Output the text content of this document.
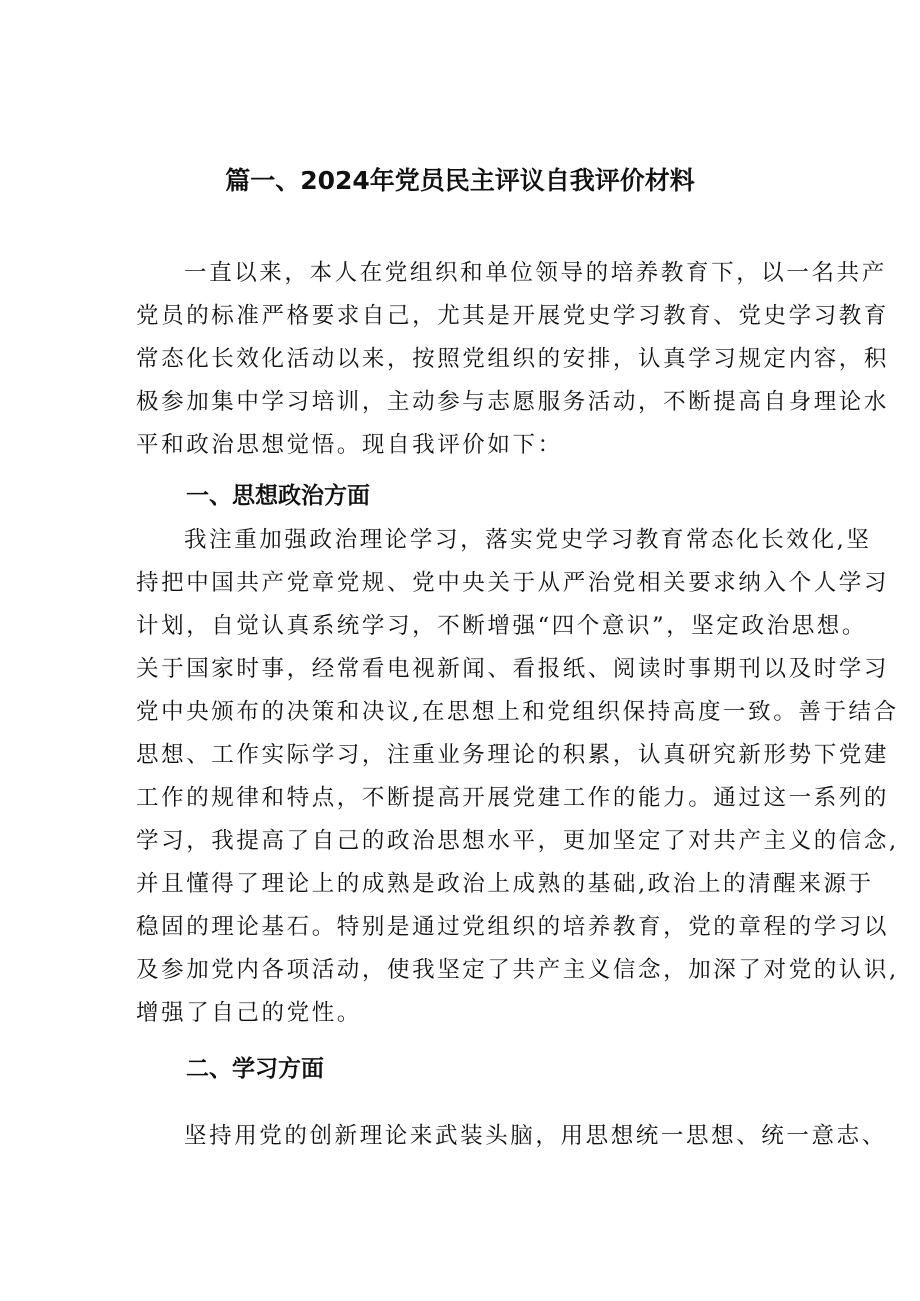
篇一、2024年党员民主评议自我评价材料
一直以来，本人在党组织和单位领导的培养教育下，以一名共产
党员的标准严格要求自己，尤其是开展党史学习教育、党史学习教育
常态化长效化活动以来，按照党组织的安排，认真学习规定内容，积
极参加集中学习培训，主动参与志愿服务活动，不断提高自身理论水
平和政治思想觉悟。现自我评价如下：
一、思想政治方面
我注重加强政治理论学习，落实党史学习教育常态化长效化,坚
持把中国共产党章党规、党中央关于从严治党相关要求纳入个人学习
计划，自觉认真系统学习，不断增强“四个意识”，坚定政治思想。
关于国家时事，经常看电视新闻、看报纸、阅读时事期刊以及时学习
党中央颁布的决策和决议,在思想上和党组织保持高度一致。善于结合
思想、工作实际学习，注重业务理论的积累，认真研究新形势下党建
工作的规律和特点，不断提高开展党建工作的能力。通过这一系列的
学习，我提高了自己的政治思想水平，更加坚定了对共产主义的信念,
并且懂得了理论上的成熟是政治上成熟的基础,政治上的清醒来源于
稳固的理论基石。特别是通过党组织的培养教育，党的章程的学习以
及参加党内各项活动，使我坚定了共产主义信念，加深了对党的认识,
增强了自己的党性。
二、学习方面
坚持用党的创新理论来武装头脑，用思想统一思想、统一意志、
